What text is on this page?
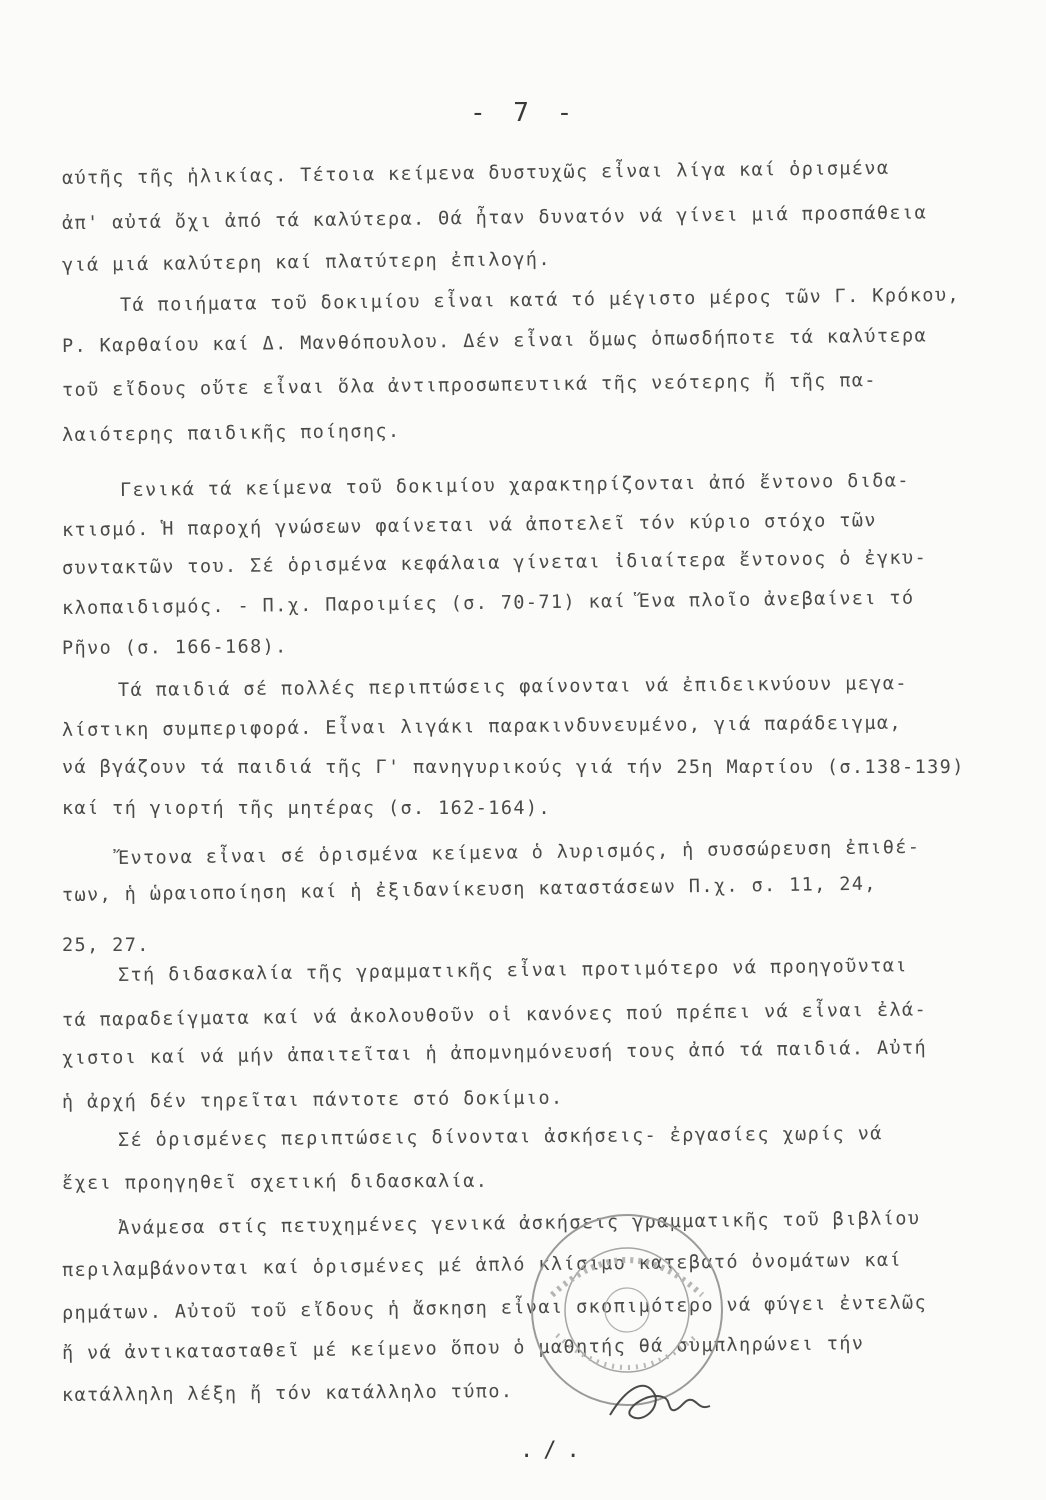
- 7 -
αύτῆς τῆς ἡλικίας. Τέτοια κείμενα δυστυχῶς εἶναι λίγα καί ὁρισμένα
ἀπ' αὐτά ὄχι ἀπό τά καλύτερα. Θά ἦταν δυνατόν νά γίνει μιά προσπάθεια
γιά μιά καλύτερη καί πλατύτερη ἐπιλογή.
Τά ποιήματα τοῦ δοκιμίου εἶναι κατά τό μέγιστο μέρος τῶν Γ. Κρόκου,
Ρ. Καρθαίου καί Δ. Μανθόπουλου. Δέν εἶναι ὅμως ὁπωσδήποτε τά καλύτερα
τοῦ εἴδους οὔτε εἶναι ὅλα ἀντιπροσωπευτικά τῆς νεότερης ἤ τῆς πα-
λαιότερης παιδικῆς ποίησης.
Γενικά τά κείμενα τοῦ δοκιμίου χαρακτηρίζονται ἀπό ἔντονο διδα-
κτισμό. Ἡ παροχή γνώσεων φαίνεται νά ἀποτελεῖ τόν κύριο στόχο τῶν
συντακτῶν του. Σέ ὁρισμένα κεφάλαια γίνεται ἰδιαίτερα ἔντονος ὁ ἐγκυ-
κλοπαιδισμός. - Π.χ. Παροιμίες (σ. 70-71) καί Ἕνα πλοῖο ἀνεβαίνει τό
Ρῆνο (σ. 166-168).
Τά παιδιά σέ πολλές περιπτώσεις φαίνονται νά ἐπιδεικνύουν μεγα-
λίστικη συμπεριφορά. Εἶναι λιγάκι παρακινδυνευμένο, γιά παράδειγμα,
νά βγάζουν τά παιδιά τῆς Γ' πανηγυρικούς γιά τήν 25η Μαρτίου (σ.138-139)
καί τή γιορτή τῆς μητέρας (σ. 162-164).
Ἔντονα εἶναι σέ ὁρισμένα κείμενα ὁ λυρισμός, ἡ συσσώρευση ἐπιθέ-
των, ἡ ὡραιοποίηση καί ἡ ἐξιδανίκευση καταστάσεων Π.χ. σ. 11, 24,
25, 27.
Στή διδασκαλία τῆς γραμματικῆς εἶναι προτιμότερο νά προηγοῦνται
τά παραδείγματα καί νά ἀκολουθοῦν οἱ κανόνες πού πρέπει νά εἶναι ἐλά-
χιστοι καί νά μήν ἀπαιτεῖται ἡ ἀπομνημόνευσή τους ἀπό τά παιδιά. Αὐτή
ἡ ἀρχή δέν τηρεῖται πάντοτε στό δοκίμιο.
Σέ ὁρισμένες περιπτώσεις δίνονται ἀσκήσεις- ἐργασίες χωρίς νά
ἔχει προηγηθεῖ σχετική διδασκαλία.
Ἀνάμεσα στίς πετυχημένες γενικά ἀσκήσεις γραμματικῆς τοῦ βιβλίου
περιλαμβάνονται καί ὁρισμένες μέ ἁπλό κλίσιμο κατεβατό ὀνομάτων καί
ρημάτων. Αὐτοῦ τοῦ εἴδους ἡ ἄσκηση εἶναι σκοπιμότερο νά φύγει ἐντελῶς
ἤ νά ἀντικατασταθεῖ μέ κείμενο ὅπου ὁ μαθητής θά συμπληρώνει τήν
κατάλληλη λέξη ἤ τόν κατάλληλο τύπο.
./.
